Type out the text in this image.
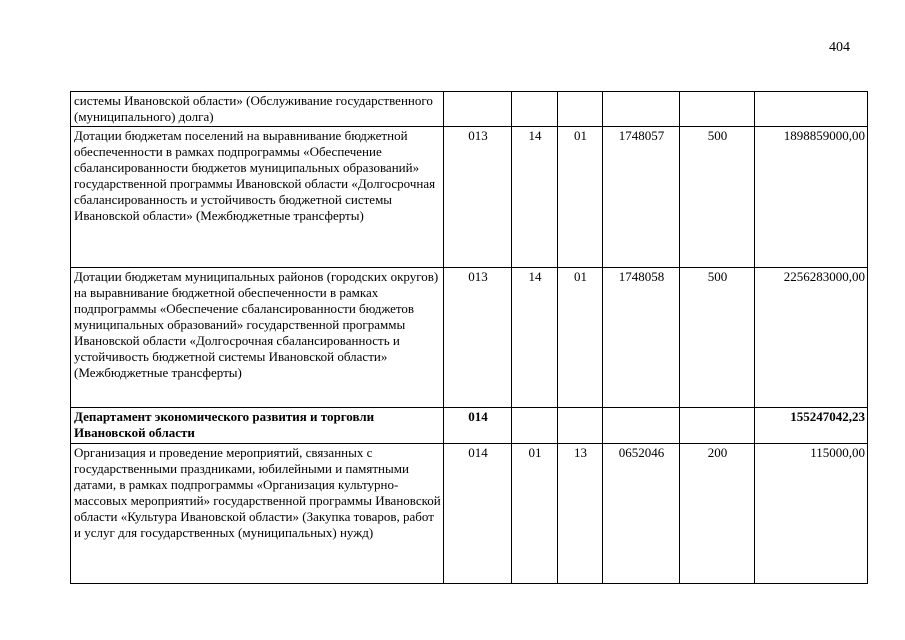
404
системы Ивановской области» (Обслуживание государственного (муниципального) долга)						
Дотации бюджетам поселений на выравнивание бюджетной обеспеченности в рамках подпрограммы «Обеспечение сбалансированности бюджетов муниципальных образований» государственной программы Ивановской области «Долгосрочная сбалансированность и устойчивость бюджетной системы Ивановской области» (Межбюджетные трансферты)	013	14	01	1748057	500	1898859000,00
Дотации бюджетам муниципальных районов (городских округов) на выравнивание бюджетной обеспеченности в рамках подпрограммы «Обеспечение сбалансированности бюджетов муниципальных образований» государственной программы Ивановской области «Долгосрочная сбалансированность и устойчивость бюджетной системы Ивановской области» (Межбюджетные трансферты)	013	14	01	1748058	500	2256283000,00
Департамент экономического развития и торговли Ивановской области	014					155247042,23
Организация и проведение мероприятий, связанных с государственными праздниками, юбилейными и памятными датами, в рамках подпрограммы «Организация культурно-массовых мероприятий» государственной программы Ивановской области «Культура Ивановской области» (Закупка товаров, работ и услуг для государственных (муниципальных) нужд)	014	01	13	0652046	200	115000,00
